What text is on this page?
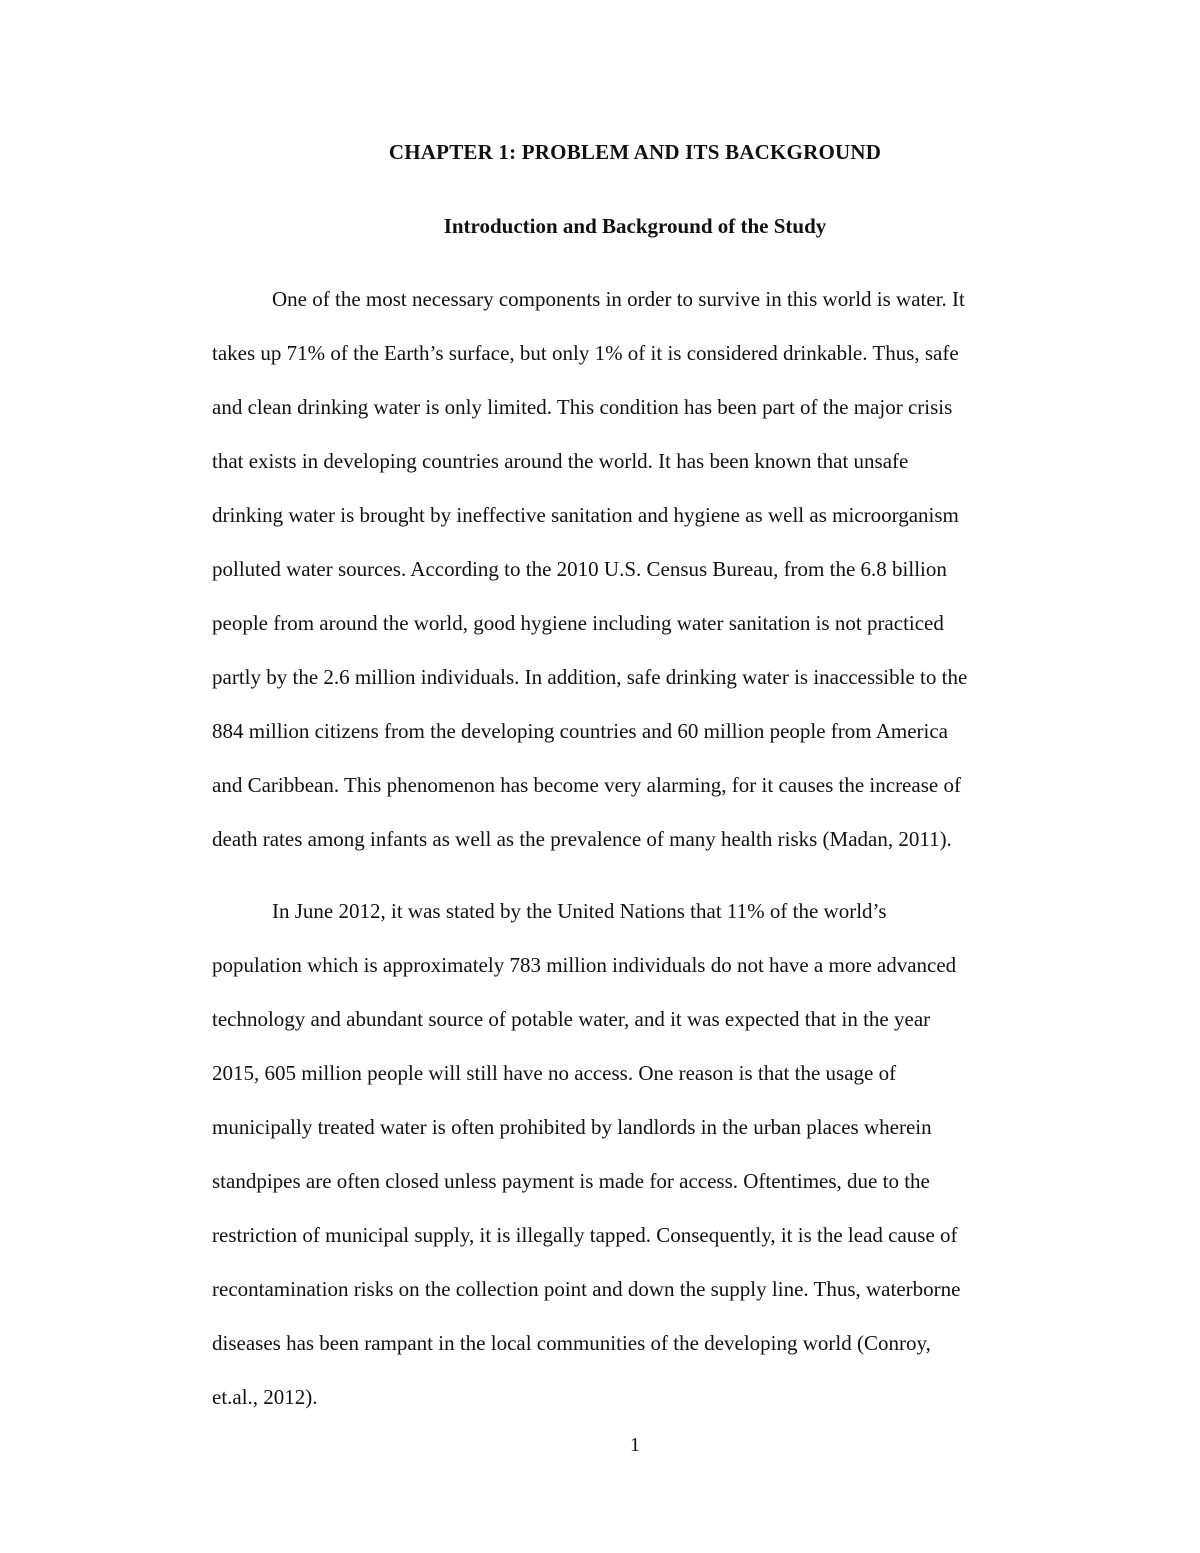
CHAPTER 1: PROBLEM AND ITS BACKGROUND
Introduction and Background of the Study

One of the most necessary components in order to survive in this world is water. It
takes up 71% of the Earth’s surface, but only 1% of it is considered drinkable. Thus, safe
and clean drinking water is only limited. This condition has been part of the major crisis
that exists in developing countries around the world. It has been known that unsafe
drinking water is brought by ineffective sanitation and hygiene as well as microorganism
polluted water sources. According to the 2010 U.S. Census Bureau, from the 6.8 billion
people from around the world, good hygiene including water sanitation is not practiced
partly by the 2.6 million individuals. In addition, safe drinking water is inaccessible to the
884 million citizens from the developing countries and 60 million people from America
and Caribbean. This phenomenon has become very alarming, for it causes the increase of
death rates among infants as well as the prevalence of many health risks (Madan, 2011).

In June 2012, it was stated by the United Nations that 11% of the world’s
population which is approximately 783 million individuals do not have a more advanced
technology and abundant source of potable water, and it was expected that in the year
2015, 605 million people will still have no access. One reason is that the usage of
municipally treated water is often prohibited by landlords in the urban places wherein
standpipes are often closed unless payment is made for access. Oftentimes, due to the
restriction of municipal supply, it is illegally tapped. Consequently, it is the lead cause of
recontamination risks on the collection point and down the supply line. Thus, waterborne
diseases has been rampant in the local communities of the developing world (Conroy,
et.al., 2012).

1
